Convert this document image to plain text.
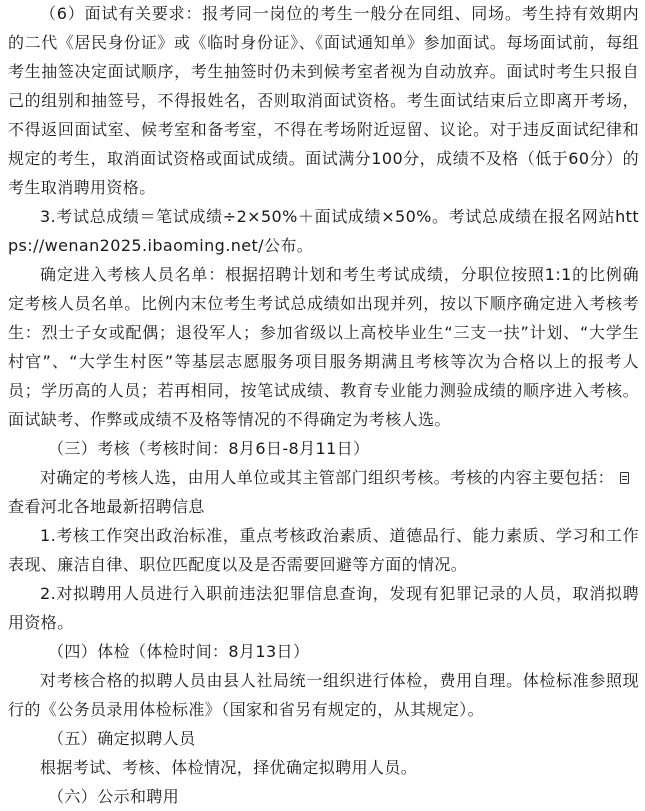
（6）面试有关要求：报考同一岗位的考生一般分在同组、同场。考生持有效期内的二代《居民身份证》或《临时身份证》、《面试通知单》参加面试。每场面试前，每组考生抽签决定面试顺序，考生抽签时仍未到候考室者视为自动放弃。面试时考生只报自己的组别和抽签号，不得报姓名，否则取消面试资格。考生面试结束后立即离开考场，不得返回面试室、候考室和备考室，不得在考场附近逗留、议论。对于违反面试纪律和规定的考生，取消面试资格或面试成绩。面试满分100分，成绩不及格（低于60分）的考生取消聘用资格。

3.考试总成绩＝笔试成绩÷2×50%＋面试成绩×50%。考试总成绩在报名网站https://wenan2025.ibaoming.net/公布。

确定进入考核人员名单：根据招聘计划和考生考试成绩，分职位按照1:1的比例确定考核人员名单。比例内末位考生考试总成绩如出现并列，按以下顺序确定进入考核考生：烈士子女或配偶；退役军人；参加省级以上高校毕业生“三支一扶”计划、“大学生村官”、“大学生村医”等基层志愿服务项目服务期满且考核等次为合格以上的报考人员；学历高的人员；若再相同，按笔试成绩、教育专业能力测验成绩的顺序进入考核。面试缺考、作弊或成绩不及格等情况的不得确定为考核人选。

（三）考核（考核时间：8月6日-8月11日）

对确定的考核人选，由用人单位或其主管部门组织考核。考核的内容主要包括：
查看河北各地最新招聘信息

1.考核工作突出政治标准，重点考核政治素质、道德品行、能力素质、学习和工作表现、廉洁自律、职位匹配度以及是否需要回避等方面的情况。

2.对拟聘用人员进行入职前违法犯罪信息查询，发现有犯罪记录的人员，取消拟聘用资格。

（四）体检（体检时间：8月13日）

对考核合格的拟聘人员由县人社局统一组织进行体检，费用自理。体检标准参照现行的《公务员录用体检标准》（国家和省另有规定的，从其规定）。

（五）确定拟聘人员

根据考试、考核、体检情况，择优确定拟聘用人员。

（六）公示和聘用
